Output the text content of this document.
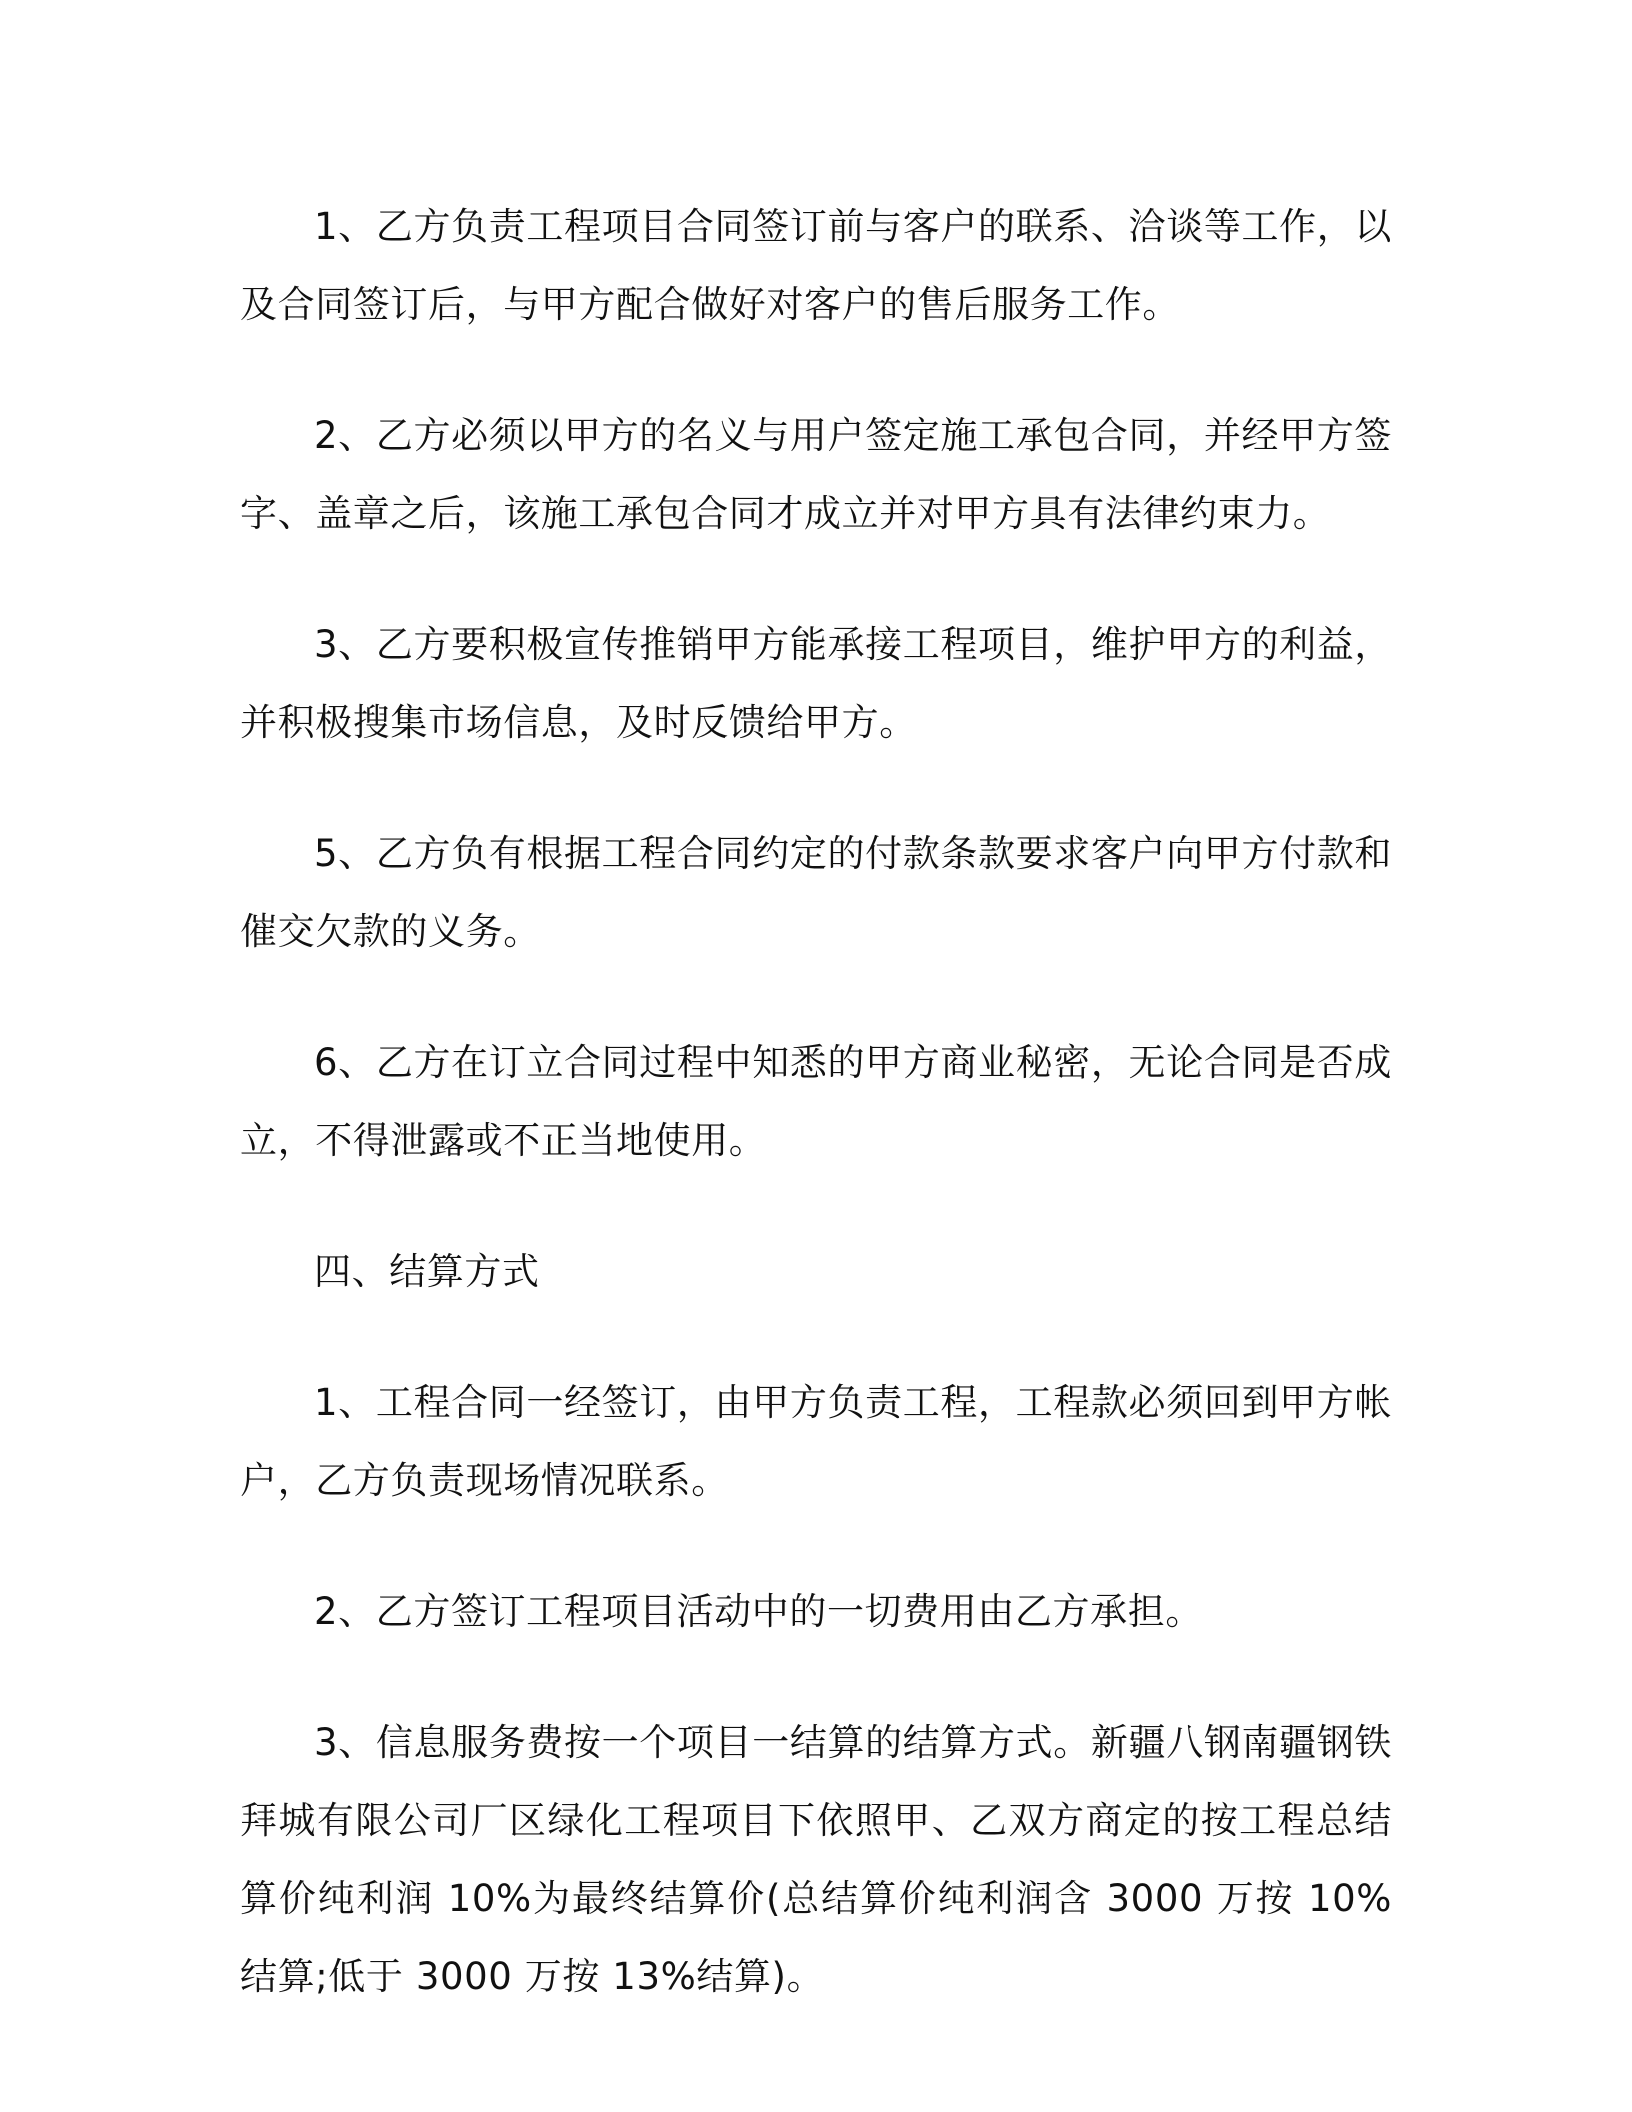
1、乙方负责工程项目合同签订前与客户的联系、洽谈等工作，以及合同签订后，与甲方配合做好对客户的售后服务工作。

2、乙方必须以甲方的名义与用户签定施工承包合同，并经甲方签字、盖章之后，该施工承包合同才成立并对甲方具有法律约束力。

3、乙方要积极宣传推销甲方能承接工程项目，维护甲方的利益，并积极搜集市场信息，及时反馈给甲方。

5、乙方负有根据工程合同约定的付款条款要求客户向甲方付款和催交欠款的义务。

6、乙方在订立合同过程中知悉的甲方商业秘密，无论合同是否成立，不得泄露或不正当地使用。

四、结算方式

1、工程合同一经签订，由甲方负责工程，工程款必须回到甲方帐户，乙方负责现场情况联系。

2、乙方签订工程项目活动中的一切费用由乙方承担。

3、信息服务费按一个项目一结算的结算方式。新疆八钢南疆钢铁拜城有限公司厂区绿化工程项目下依照甲、乙双方商定的按工程总结算价纯利润 10%为最终结算价(总结算价纯利润含 3000 万按 10%结算;低于 3000 万按 13%结算)。
